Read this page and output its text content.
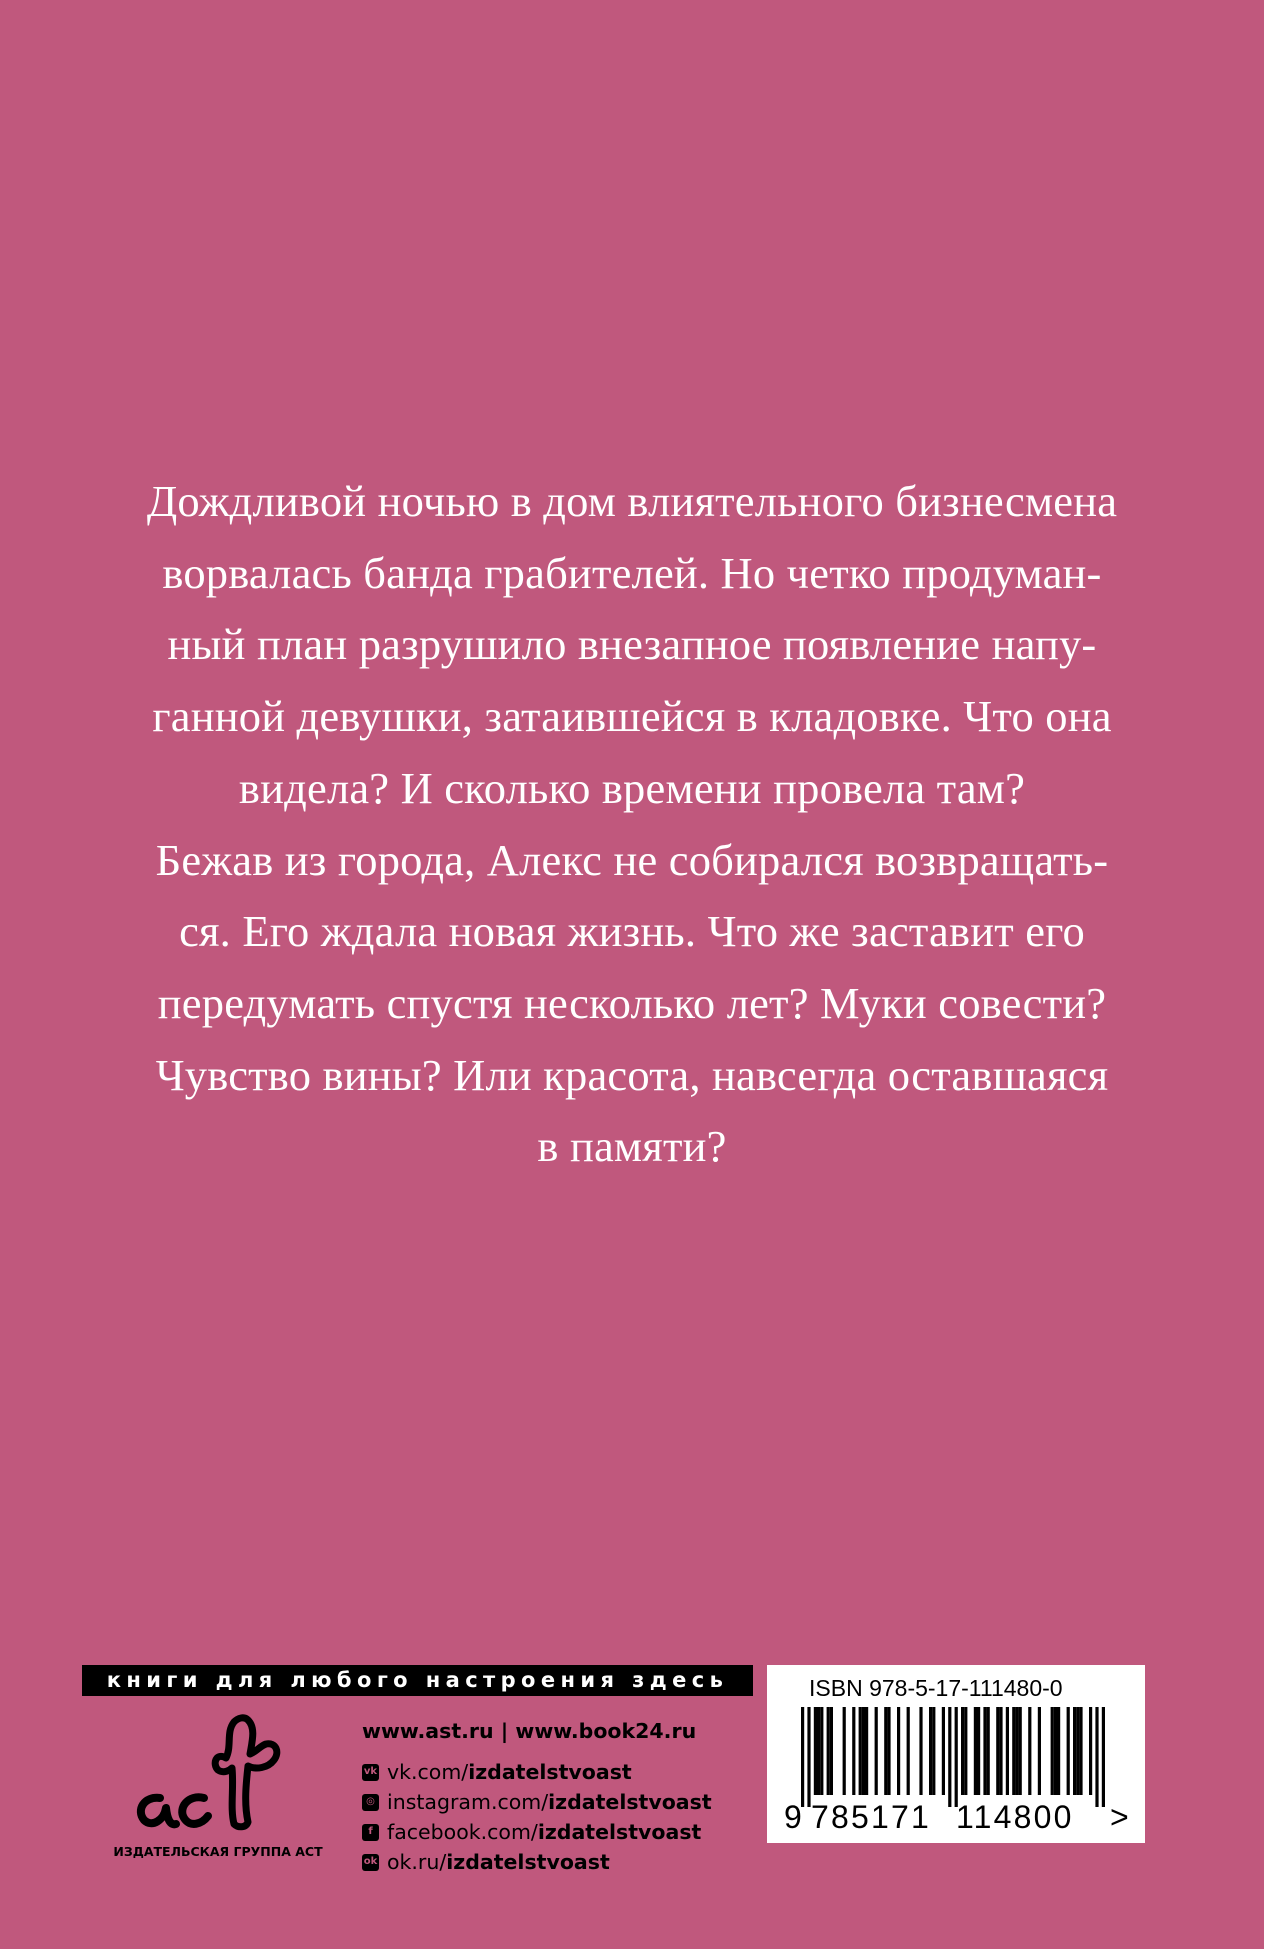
Дождливой ночью в дом влиятельного бизнесмена
ворвалась банда грабителей. Но четко продуман-
ный план разрушило внезапное появление напу-
ганной девушки, затаившейся в кладовке. Что она
видела? И сколько времени провела там?
Бежав из города, Алекс не собирался возвращать-
ся. Его ждала новая жизнь. Что же заставит его
передумать спустя несколько лет? Муки совести?
Чувство вины? Или красота, навсегда оставшаяся
в памяти?
книги для любого настроения здесь
ИЗДАТЕЛЬСКАЯ ГРУППА АСТ
www.ast.ru | www.book24.ru
vk vk.com/ izdatelstvoast
◎ instagram.com/ izdatelstvoast
f facebook.com/ izdatelstvoast
ok ok.ru/ izdatelstvoast
ISBN 978-5-17-111480-0
9 785171 114800 >
